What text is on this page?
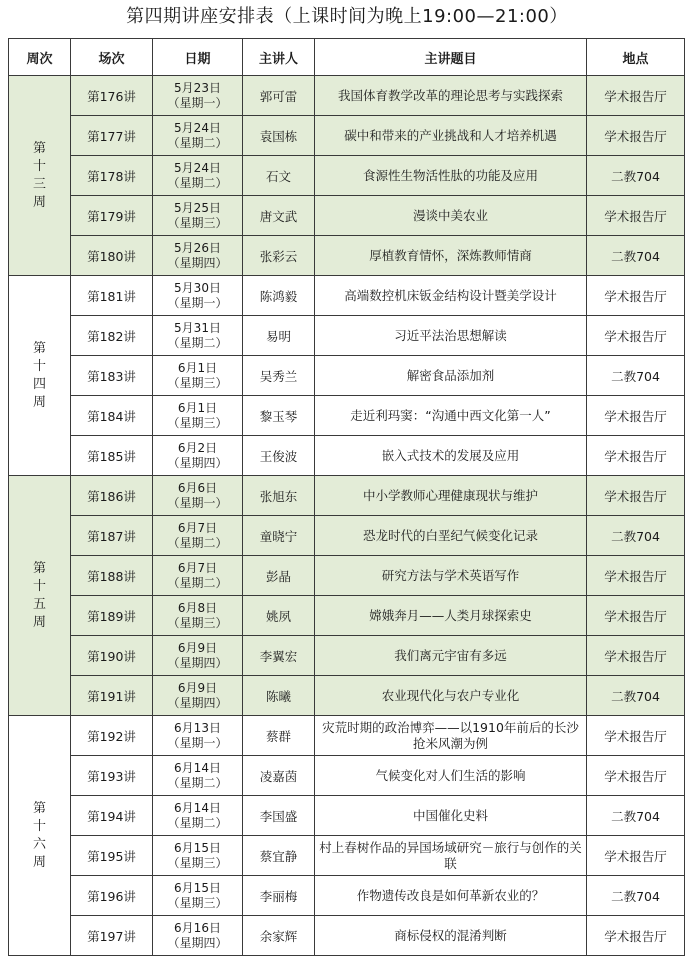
第四期讲座安排表（上课时间为晚上19:00—21:00）
周次	场次	日期	主讲人	主讲题目	地点

第
十
三
周	第176讲	5月23日
（星期一）	郭可雷	我国体育教学改革的理论思考与实践探索	学术报告厅
	第177讲	5月24日
（星期二）	袁国栋	碳中和带来的产业挑战和人才培养机遇	学术报告厅
	第178讲	5月24日
（星期二）	石文	食源性生物活性肽的功能及应用	二教704
	第179讲	5月25日
（星期三）	唐文武	漫谈中美农业	学术报告厅
	第180讲	5月26日
（星期四）	张彩云	厚植教育情怀，深炼教师情商	二教704

第
十
四
周	第181讲	5月30日
（星期一）	陈鸿毅	高端数控机床钣金结构设计暨美学设计	学术报告厅
	第182讲	5月31日
（星期二）	易明	习近平法治思想解读	学术报告厅
	第183讲	6月1日
（星期三）	吴秀兰	解密食品添加剂	二教704
	第184讲	6月1日
（星期三）	黎玉琴	走近利玛窦：“沟通中西文化第一人”	学术报告厅
	第185讲	6月2日
（星期四）	王俊波	嵌入式技术的发展及应用	学术报告厅

第
十
五
周	第186讲	6月6日
（星期一）	张旭东	中小学教师心理健康现状与维护	学术报告厅
	第187讲	6月7日
（星期二）	童晓宁	恐龙时代的白垩纪气候变化记录	二教704
	第188讲	6月7日
（星期二）	彭晶	研究方法与学术英语写作	学术报告厅
	第189讲	6月8日
（星期三）	姚夙	嫦娥奔月——人类月球探索史	学术报告厅
	第190讲	6月9日
（星期四）	李翼宏	我们离元宇宙有多远	学术报告厅
	第191讲	6月9日
（星期四）	陈曦	农业现代化与农户专业化	二教704

第
十
六
周	第192讲	6月13日
（星期一）	蔡群	灾荒时期的政治博弈——以1910年前后的长沙抢米风潮为例	学术报告厅
	第193讲	6月14日
（星期二）	凌嘉茵	气候变化对人们生活的影响	学术报告厅
	第194讲	6月14日
（星期二）	李国盛	中国催化史料	二教704
	第195讲	6月15日
（星期三）	蔡宜静	村上春树作品的异国场域研究－旅行与创作的关联	学术报告厅
	第196讲	6月15日
（星期三）	李丽梅	作物遗传改良是如何革新农业的？	二教704
	第197讲	6月16日
（星期四）	余家辉	商标侵权的混淆判断	学术报告厅
